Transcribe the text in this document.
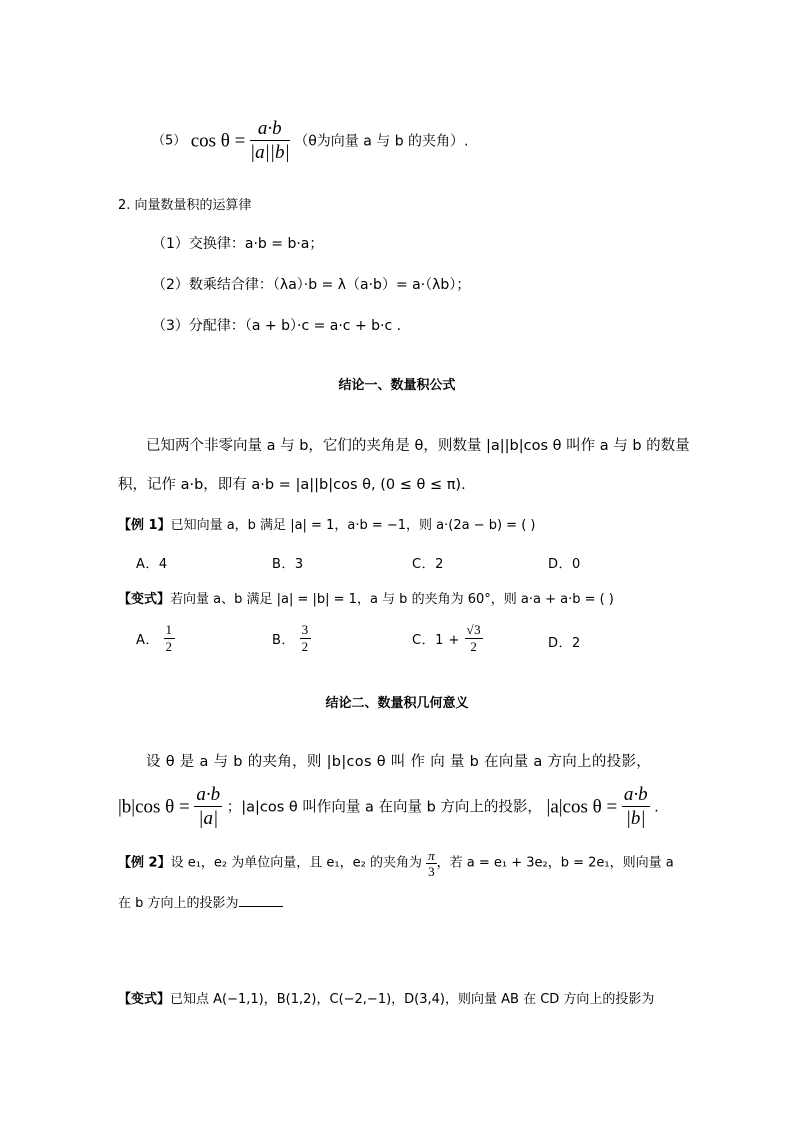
（5） $\cos \theta = \frac{a\cdot b}{|a||b|} (\theta$为向量 a 与 b 的夹角）.
2. 向量数量积的运算律
（1）交换律：a·b = b·a；
（2）数乘结合律：（λa）·b = λ（a·b）= a·（λb）；
（3）分配律：（a + b）·c = a·c + b·c .
结论一、数量积公式
已知两个非零向量 a 与 b，它们的夹角是 θ，则数量 |a||b|cos θ 叫作 a 与 b 的数量
积，记作 a·b，即有 a·b = |a||b|cos θ, (0 ≤ θ ≤ π).
【例 1】已知向量 a，b 满足 |a| = 1，a·b = −1，则 a·(2a − b) = ( )
A．4	B．3	C．2	D．0
【变式】若向量 a、b 满足 |a| = |b| = 1，a 与 b 的夹角为 60°，则 a·a + a·b = ( )
A． $\frac{1}{2}$	B． $\frac{3}{2}$	C．$1 + \frac{√3}{2}$	D．2
结论二、数量积几何意义
设 θ 是 a 与 b 的夹角，则 |b|cos θ 叫 作 向 量 b 在向量 a 方向上的投影，
|b|cos $\theta = \frac{a\cdot b}{|a|}$ ；|a|cos θ 叫作向量 a 在向量 b 方向上的投影， |a|cos $\theta = \frac{a\cdot b}{|b|}$ .
【例 2】设 e₁，e₂ 为单位向量，且 e₁，e₂ 的夹角为 $\frac{\pi}{3}$ ，若 a = e₁ + 3e₂，b = 2e₁，则向量 a
在 b 方向上的投影为
【变式】已知点 A(−1,1)，B(1,2)，C(−2,−1)，D(3,4)，则向量 AB 在 CD 方向上的投影为
